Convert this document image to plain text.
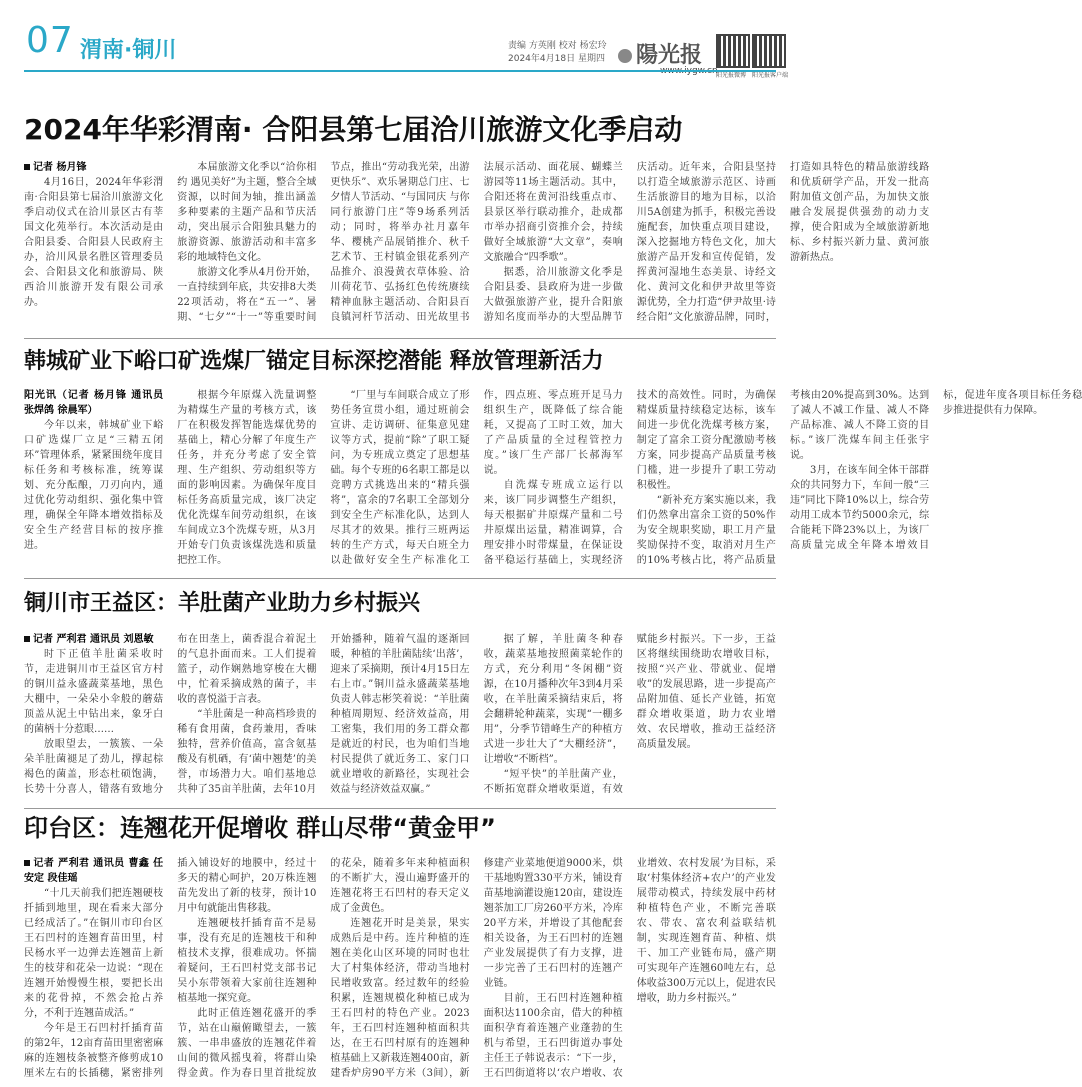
07 渭南·铜川	责编 方英刚 校对 杨宏玲
2024年4月18日 星期四	陽光报
阳光报微博 阳光报客户端
2024年华彩渭南· 合阳县第七届洽川旅游文化季启动

记者 杨月锋

4月16日，2024年华彩渭南·合阳县第七届洽川旅游文化季启动仪式在洽川景区古有莘国文化苑举行。本次活动是由合阳县委、合阳县人民政府主办，洽川风景名胜区管理委员会、合阳县文化和旅游局、陕西洽川旅游开发有限公司承办。

本届旅游文化季以“洽你相约 遇见美好”为主题，整合全域资源，以时间为轴，推出涵盖多种要素的主题产品和节庆活动，突出展示合阳独具魅力的旅游资源、旅游活动和丰富多彩的地域特色文化。

旅游文化季从4月份开始，一直持续到年底，共安排8大类22项活动，将在“五一”、暑期、“七夕”“十一”等重要时间节点，推出“劳动我光荣，出游更快乐”、欢乐暑期总门庄、七夕情人节活动、“与国同庆 与你同行旅游门庄”等9场系列活动；同时，将举办社月嘉年华、樱桃产品展销推介、秋千艺术节、王村镇金银花系列产品推介、浪漫黄衣草体验、洽川荷花节、弘扬红色传统赓续精神血脉主题活动、合阳县百良镇河杆节活动、田光故里书法展示活动、面花展、蝴蝶兰游园等11场主题活动。其中，合阳还将在黄河沿线重点市、县景区举行联动推介，赴成都市举办招商引资推介会，持续做好全域旅游“大文章”，奏响文旅融合“四季歌”。

据悉，洽川旅游文化季是合阳县委、县政府为进一步做大做强旅游产业，提升合阳旅游知名度而举办的大型品牌节庆活动。近年来，合阳县坚持以打造全域旅游示范区、诗画生活旅游目的地为目标，以洽川5A创建为抓手，积极完善设施配套，加快重点项目建设，深入挖掘地方特色文化，加大旅游产品开发和宣传促销，发挥黄河湿地生态美景、诗经文化、黄河文化和伊尹故里等资源优势，全力打造“伊尹故里·诗经合阳”文化旅游品牌，同时，打造如具特色的精品旅游线路和优质研学产品，开发一批高附加值文创产品，为加快文旅融合发展提供强劲的动力支撑，使合阳成为全域旅游新地标、乡村振兴新力量、黄河旅游新热点。

韩城矿业下峪口矿选煤厂锚定目标深挖潜能 释放管理新活力

阳光讯（记者 杨月锋 通讯员 张焊鸽 徐晨军）

今年以来，韩城矿业下峪口矿选煤厂立足“三精五闭环”管理体系，紧紧围绕年度目标任务和考核标准，统筹谋划、充分酝酿，刀刃向内，通过优化劳动组织、强化集中管理，确保全年降本增效指标及安全生产经营目标的按序推进。

根据今年原煤入洗量调整为精煤生产量的考核方式，该厂在积极发挥智能选煤优势的基础上，精心分解了年度生产任务，并充分考虑了安全管理、生产组织、劳动组织等方面的影响因素。为确保年度目标任务高质量完成，该厂决定优化洗煤车间劳动组织，在该车间成立3个洗煤专班，从3月开始专门负责该煤洗选和质量把控工作。

“厂里与车间联合成立了形势任务宣贯小组，通过班前会宣讲、走访调研、征集意见建议等方式，提前“除”了职工疑问，为专班成立奠定了思想基础。每个专班的6名职工都是以竞聘方式挑选出来的“精兵强将”，富余的7名职工全部划分到安全生产标准化队，达到人尽其才的效果。推行三班两运转的生产方式，每天白班全力以赴做好安全生产标准化工作，四点班、零点班开足马力组织生产，既降低了综合能耗，又提高了工时工效，加大了产品质量的全过程管控力度。”该厂生产部厂长郝海军说。

自洗煤专班成立运行以来，该厂同步调整生产组织，每天根据矿井原煤产量和二号井原煤出运量，精准调算，合理安排小时带煤量，在保证设备平稳运行基础上，实现经济技术的高效性。同时，为确保精煤质量持续稳定达标，该车间进一步优化洗煤考核方案，制定了富余工资分配激励考核方案，同步提高产品质量考核门槛，进一步提升了职工劳动积极性。

“新补充方案实施以来，我们仍然拿出富余工资的50%作为安全规职奖励，职工月产量奖励保持不变，取消对月生产的10%考核占比，将产品质量考核由20%提高到30%。达到了减人不减工作量、减人不降产品标准、减人不降工资的目标。”该厂洗煤车间主任张宇说。

3月，在该车间全体干部群众的共同努力下，车间一般“三违”同比下降10%以上，综合劳动用工成本节约5000余元，综合能耗下降23%以上，为该厂高质量完成全年降本增效目标，促进年度各项目标任务稳步推进提供有力保障。

铜川市王益区：羊肚菌产业助力乡村振兴

记者 严利君 通讯员 刘恩敏

时下正值羊肚菌采收时节，走进铜川市王益区官方村的铜川益永盛蔬菜基地，黑色大棚中，一朵朵小伞般的蘑菇顶盖从泥土中钻出来，象牙白的菌柄十分惹眼……

放眼望去，一簇簇、一朵朵羊肚菌褪足了劲儿，撑起棕褐色的菌盖，形态杜硕饱满，长势十分喜人，错落有致地分布在田垄上，菌香混合着泥土的气息扑面而来。工人们提着篮子，动作娴熟地穿梭在大棚中，忙着采摘成熟的菌子，丰收的喜悦溢于言表。

“羊肚菌是一种高档珍贵的稀有食用菌，食药兼用，香味独特，营养价值高，富含氨基酸及有机硒，有‘菌中翘楚’的美誉，市场潜力大。咱们基地总共种了35亩羊肚菌，去年10月开始播种，随着气温的逐渐回暖，种植的羊肚菌陆续‘出落’，迎来了采摘期，预计4月15日左右上市。”铜川益永盛蔬菜基地负责人韩志彬笑着说：“羊肚菌种植周期短、经济效益高，用工密集，我们用的务工群众都是就近的村民，也为咱们当地村民提供了就近务工、家门口就业增收的新路径，实现社会效益与经济效益双赢。”

据了解，羊肚菌冬种春收，蔬菜基地按照菌菜轮作的方式，充分利用“冬闲棚”资源，在10月播种次年3到4月采收，在羊肚菌采摘结束后，将会翻耕轮种蔬菜，实现“一棚多用”，分季节错峰生产的种植方式进一步壮大了“大棚经济”，让增收“不断档”。

“短平快”的羊肚菌产业，不断拓宽群众增收渠道，有效赋能乡村振兴。下一步，王益区将继续围绕助农增收目标，按照“兴产业、带就业、促增收”的发展思路，进一步提高产品附加值、延长产业链，拓宽群众增收渠道，助力农业增效、农民增收，推动王益经济高质量发展。

印台区：连翘花开促增收 群山尽带“黄金甲”

记者 严利君 通讯员 曹鑫 任安定 段佳瑶

“十几天前我们把连翘硬枝扦插到地里，现在看来大部分已经成活了。”在铜川市印台区王石凹村的连翘育苗田里，村民杨水平一边弹去连翘苗上新生的枝芽和花朵一边说：“现在连翘开始慢慢生根，要把长出来的花骨掉，不然会抢占养分，不利于连翘苗成活。”

今年是王石凹村扦插育苗的第2年，12亩育苗田里密密麻麻的连翘枝条被整齐修剪成10厘米左右的长插穗，紧密排列插入铺设好的地膜中，经过十多天的精心呵护，20万株连翘苗先发出了新的枝芽，预计10月中旬就能出售移栽。

连翘硬枝扦插育苗不是易事，没有充足的连翘枝干和种植技术支撑，很难成功。怀揣着疑问，王石凹村党支部书记吴小东带领着大家前往连翘种植基地一探究竟。

此时正值连翘花盛开的季节，站在山巅俯瞰望去，一簇簇、一串串盛放的连翘花伴着山间的微风摇曳着，将群山染得金黄。作为春日里首批绽放的花朵，随着多年来种植面积的不断扩大，漫山遍野盛开的连翘花将王石凹村的春天定义成了金黄色。

连翘花开时是美景，果实成熟后是中药。连片种植的连翘在美化山区环境的同时也壮大了村集体经济，带动当地村民增收致富。经过数年的经验积累，连翘规模化种植已成为王石凹村的特色产业。2023年，王石凹村连翘种植面积共达，在王石凹村原有的连翘种植基础上又新栽连翘400亩，新建香炉房90平方米（3间），新修建产业菜地便道9000米，烘干基地购置330平方米，铺设育苗基地滴灌设施120亩，建设连翘茶加工厂房260平方米，冷库20平方米，并增设了其他配套相关设备，为王石凹村的连翘产业发展提供了有力支撑，进一步完善了王石凹村的连翘产业链。

目前，王石凹村连翘种植面积达1100余亩，借大的种植面积孕育着连翘产业蓬勃的生机与希望，王石凹街道办事处主任王子韩说表示：“下一步，王石凹街道将以‘农户增收、农业增效、农村发展’为目标，采取‘村集体经济+农户’的产业发展带动模式，持续发展中药材种植特色产业，不断完善联农、带农、富农利益联结机制，实现连翘育苗、种植、烘干、加工产业链布局，盛产期可实现年产连翘60吨左右，总体收益300万元以上，促进农民增收，助力乡村振兴。”
